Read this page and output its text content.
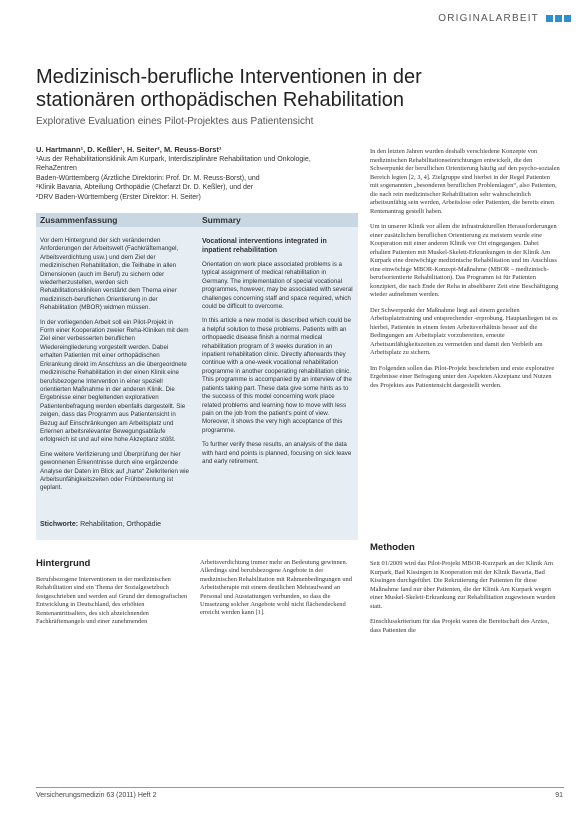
ORIGINALARBEIT
Medizinisch-berufliche Interventionen in der stationären orthopädischen Rehabilitation

Explorative Evaluation eines Pilot-Projektes aus Patientensicht

U. Hartmann¹, D. Keßler¹, H. Seiter², M. Reuss-Borst¹
¹Aus der Rehabilitationsklinik Am Kurpark, Interdisziplinäre Rehabilitation und Onkologie, RehaZentren
Baden-Württemberg (Ärztliche Direktorin: Prof. Dr. M. Reuss-Borst), und
²Klinik Bavaria, Abteilung Orthopädie (Chefarzt Dr. D. Keßler), und der
²DRV Baden-Württemberg (Erster Direktor: H. Seiter)
Zusammenfassung	Summary

Vor dem Hintergrund der sich verändernden Anforderungen der Arbeitswelt (Fachkräftemangel, Arbeitsverdichtung usw.) und dem Ziel der medizinischen Rehabilitation, die Teilhabe in allen Dimensionen (auch im Beruf) zu sichern oder wiederherzustellen, werden sich Rehabilitationskliniken verstärkt dem Thema einer medizinisch-beruflichen Orientierung in der Rehabilitation (MBOR) widmen müssen.

In der vorliegenden Arbeit soll ein Pilot-Projekt in Form einer Kooperation zweier Reha-Kliniken mit dem Ziel einer verbesserten beruflichen Wiedereingliederung vorgestellt werden. Dabei erhalten Patienten mit einer orthopädischen Erkrankung direkt im Anschluss an die übergeordnete medizinische Rehabilitation in der einen Klinik eine berufsbezogene Intervention in einer speziell orientierten Maßnahme in der anderen Klinik. Die Ergebnisse einer begleitenden explorativen Patientenbefragung werden ebenfalls dargestellt. Sie zeigen, dass das Programm aus Patientensicht in Bezug auf Einschränkungen am Arbeitsplatz und Erlernen arbeitsrelevanter Bewegungsabläufe erfolgreich ist und auf eine hohe Akzeptanz stößt.

Eine weitere Verifizierung und Überprüfung der hier gewonnenen Erkenntnisse durch eine ergänzende Analyse der Daten im Blick auf „harte“ Zielkriterien wie Arbeitsunfähigkeitszeiten oder Frühberentung ist geplant.

Vocational interventions integrated in inpatient rehabilitation

Orientation on work place associated problems is a typical assignment of medical rehabilitation in Germany. The implementation of special vocational programmes, however, may be associated with several challenges concerning staff and space required, which could be difficult to overcome.

In this article a new model is described which could be a helpful solution to these problems. Patients with an orthopaedic disease finish a normal medical rehabilitation program of 3 weeks duration in an inpatient rehabilitation clinic. Directly afterwards they continue with a one-week vocational rehabilitation programme in another cooperating rehabilitation clinic. This programme is accompanied by an interview of the patients taking part. These data give some hints as to the success of this model concerning work place related problems and learning how to move with less pain on the job from the patient’s point of view. Moreover, it shows the very high acceptance of this programme.

To further verify these results, an analysis of the data with hard end points is planned, focusing on sick leave and early retirement.

Stichworte: Rehabilitation, Orthopädie

In den letzten Jahren wurden deshalb verschiedene Konzepte von medizinischen Rehabilitationseinrichtungen entwickelt, die den Schwerpunkt der beruflichen Orientierung häufig auf den psycho-sozialen Bereich legten [2, 3, 4]. Zielgruppe sind hierbei in der Regel Patienten mit sogenannten „besonderen beruflichen Problemlagen“, also Patienten, die nach rein medizinischer Rehabilitation sehr wahrscheinlich arbeitsunfähig sein werden, Arbeitslose oder Patienten, die bereits einen Rentenantrag gestellt haben.

Um in unserer Klinik vor allem die infrastrukturellen Herausforderungen einer zusätzlichen beruflichen Orientierung zu meistern wurde eine Kooperation mit einer anderen Klinik vor Ort eingegangen. Dabei erhalten Patienten mit Muskel-Skelett-Erkrankungen in der Klinik Am Kurpark eine dreiwöchige medizinische Rehabilitation und im Anschluss eine einwöchige MBOR-Konzept-Maßnahme (MBOR – medizinisch-berufsorientierte Rehabilitation). Das Programm ist für Patienten konzipiert, die nach Ende der Reha in absehbarer Zeit eine Beschäftigung wieder aufnehmen werden.

Der Schwerpunkt der Maßnahme liegt auf einem gezielten Arbeitsplatztraining und entsprechender -erprobung. Hauptanliegen ist es hierbei, Patienten in einem festen Arbeitsverhältnis besser auf die Bedingungen am Arbeitsplatz vorzubereiten, erneute Arbeitsunfähigkeitszeiten zu vermeiden und damit den Verbleib am Arbeitsplatz zu sichern.

Im Folgenden sollen das Pilot-Projekt beschrieben und erste explorative Ergebnisse einer Befragung unter den Aspekten Akzeptanz und Nutzen des Projektes aus Patientensicht dargestellt werden.

Methoden

Seit 01/2009 wird das Pilot-Projekt MBOR-Kurzpark an der Klinik Am Kurpark, Bad Kissingen in Kooperation mit der Klinik Bavaria, Bad Kissingen durchgeführt. Die Rekrutierung der Patienten für diese Maßnahme fand nur über Patienten, die der Klinik Am Kurpark wegen einer Muskel-Skelett-Erkrankung zur Rehabilitation zugewiesen wurden statt.

Einschlusskriterium für das Projekt waren die Bereitschaft des Arztes, dass Patienten die

Hintergrund

Berufsbezogene Interventionen in der medizinischen Rehabilitation sind ein Thema der Sozialgesetzbuch festgeschrieben und werden auf Grund der demografischen Entwicklung in Deutschland, des erhöhten Rentenantrittsalters, des sich abzeichnenden Fachkräftemangels und einer zunehmenden

Arbeitsverdichtung immer mehr an Bedeutung gewinnen. Allerdings sind berufsbezogene Angebote in der medizinischen Rehabilitation mit Rahmenbedingungen und Arbeitstherapie mit einem deutlichen Mehraufwand an Personal und Ausstattungen verbunden, so dass die Umsetzung solcher Angebote wohl nicht flächendeckend erreicht werden kann [1].

Versicherungsmedizin 63 (2011) Heft 2	91
